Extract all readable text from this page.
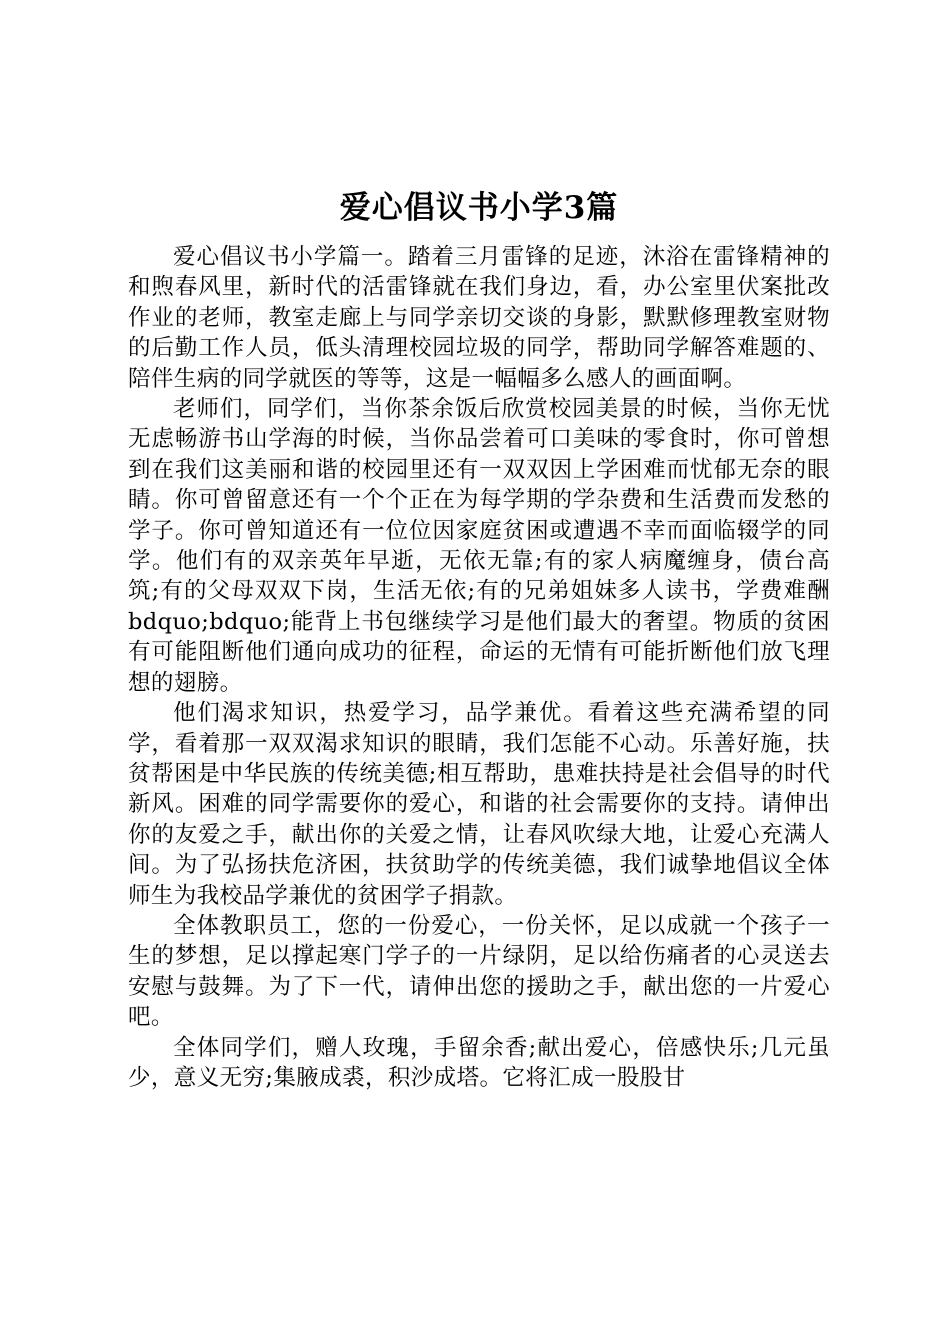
爱心倡议书小学3篇

爱心倡议书小学篇一。踏着三月雷锋的足迹，沐浴在雷锋精神的和煦春风里，新时代的活雷锋就在我们身边，看，办公室里伏案批改作业的老师，教室走廊上与同学亲切交谈的身影，默默修理教室财物的后勤工作人员，低头清理校园垃圾的同学，帮助同学解答难题的、陪伴生病的同学就医的等等，这是一幅幅多么感人的画面啊。

老师们，同学们，当你茶余饭后欣赏校园美景的时候，当你无忧无虑畅游书山学海的时候，当你品尝着可口美味的零食时，你可曾想到在我们这美丽和谐的校园里还有一双双因上学困难而忧郁无奈的眼睛。你可曾留意还有一个个正在为每学期的学杂费和生活费而发愁的学子。你可曾知道还有一位位因家庭贫困或遭遇不幸而面临辍学的同学。他们有的双亲英年早逝，无依无靠;有的家人病魔缠身，债台高筑;有的父母双双下岗，生活无依;有的兄弟姐妹多人读书，学费难酬bdquo;bdquo;能背上书包继续学习是他们最大的奢望。物质的贫困有可能阻断他们通向成功的征程，命运的无情有可能折断他们放飞理想的翅膀。

他们渴求知识，热爱学习，品学兼优。看着这些充满希望的同学，看着那一双双渴求知识的眼睛，我们怎能不心动。乐善好施，扶贫帮困是中华民族的传统美德;相互帮助，患难扶持是社会倡导的时代新风。困难的同学需要你的爱心，和谐的社会需要你的支持。请伸出你的友爱之手，献出你的关爱之情，让春风吹绿大地，让爱心充满人间。为了弘扬扶危济困，扶贫助学的传统美德，我们诚挚地倡议全体师生为我校品学兼优的贫困学子捐款。

全体教职员工，您的一份爱心，一份关怀，足以成就一个孩子一生的梦想，足以撑起寒门学子的一片绿阴，足以给伤痛者的心灵送去安慰与鼓舞。为了下一代，请伸出您的援助之手，献出您的一片爱心吧。

全体同学们，赠人玫瑰，手留余香;献出爱心，倍感快乐;几元虽少，意义无穷;集腋成裘，积沙成塔。它将汇成一股股甘
